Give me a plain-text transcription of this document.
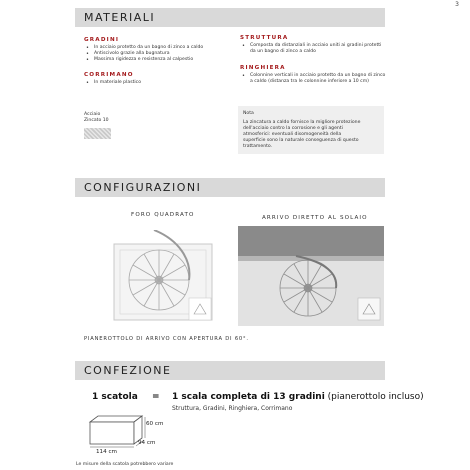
3
MATERIALI
GRADINI
• In acciaio protetto da un bagno di zinco a caldo
• Antiscivolo grazie alla bugnatura
• Massima rigidezza e resistenza al calpestio
CORRIMANO
• In materiale plastico
STRUTTURA
• Composta da distanziali in acciaio uniti ai gradini protetti da un bagno di zinco a caldo
RINGHIERA
• Colonnine verticali in acciaio protetto da un bagno di zinco a caldo (distanza tra le colonnine inferiore a 10 cm)
Acciaio
Zincato 10
Nota
La zincatura a caldo fornisce la migliore protezione dell'acciaio contro la corrosione e gli agenti atmosferici: eventuali disomogeneità della superficie sono la naturale conseguenza di questo trattamento.
CONFIGURAZIONI
FORO QUADRATO	ARRIVO DIRETTO AL SOLAIO
PIANEROTTOLO DI ARRIVO CON APERTURA DI 60°.
CONFEZIONE
1 scatola = 1 scala completa di 13 gradini (pianerottolo incluso)
Struttura, Gradini, Ringhiera, Corrimano
60 cm
94 cm
114 cm
Le misure della scatola potrebbero variare
